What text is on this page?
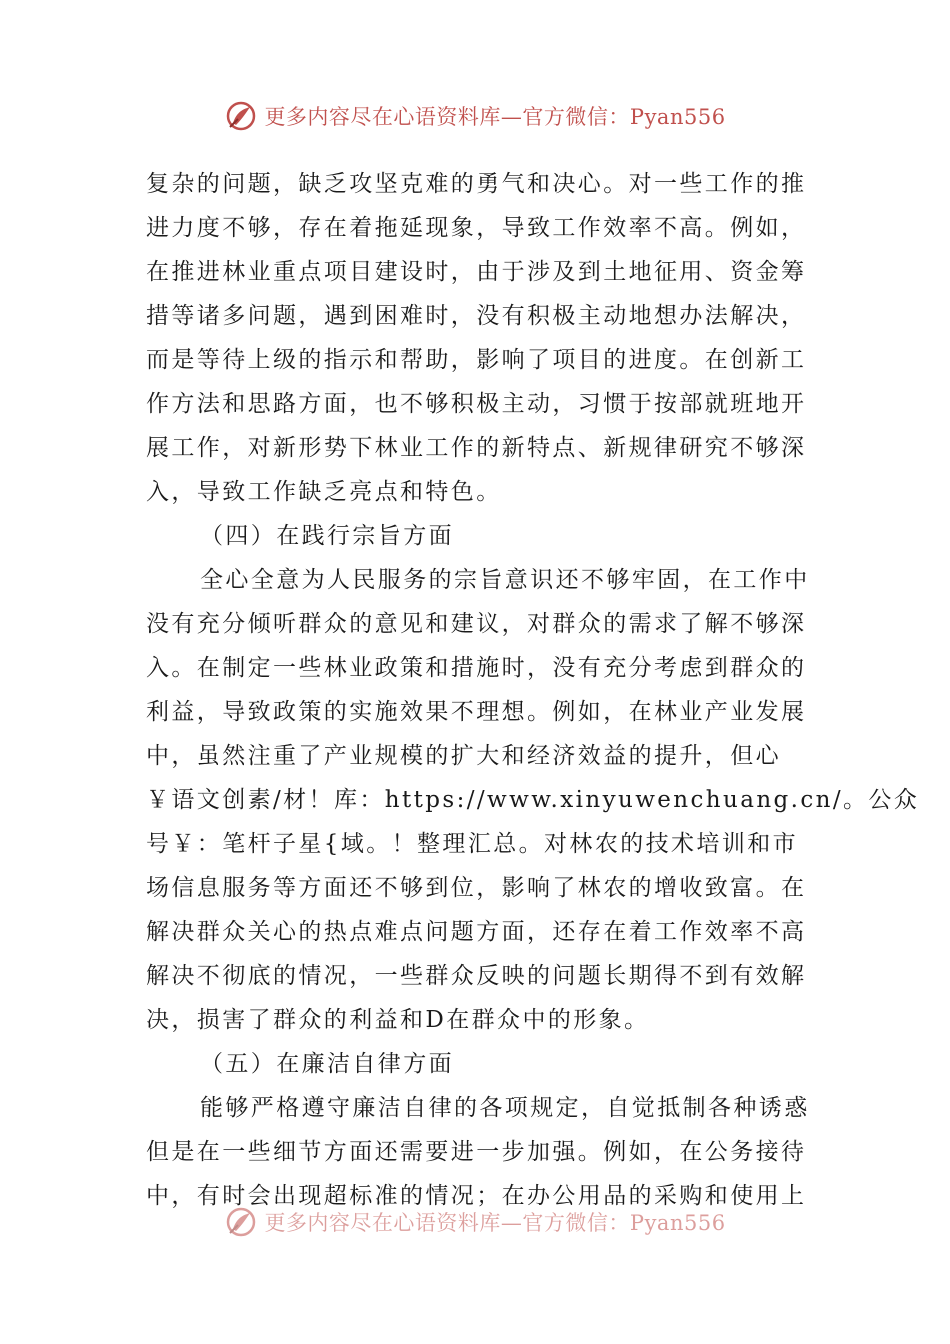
更多内容尽在心语资料库—官方微信：Pyan556
复杂的问题，缺乏攻坚克难的勇气和决心。对一些工作的推
进力度不够，存在着拖延现象，导致工作效率不高。例如，
在推进林业重点项目建设时，由于涉及到土地征用、资金筹
措等诸多问题，遇到困难时，没有积极主动地想办法解决，
而是等待上级的指示和帮助，影响了项目的进度。在创新工
作方法和思路方面，也不够积极主动，习惯于按部就班地开
展工作，对新形势下林业工作的新特点、新规律研究不够深
入，导致工作缺乏亮点和特色。
（四）在践行宗旨方面
全心全意为人民服务的宗旨意识还不够牢固，在工作中
没有充分倾听群众的意见和建议，对群众的需求了解不够深
入。在制定一些林业政策和措施时，没有充分考虑到群众的
利益，导致政策的实施效果不理想。例如，在林业产业发展
中，虽然注重了产业规模的扩大和经济效益的提升，但心
￥语文创素/材！库：https://www.xinyuwenchuang.cn/。公众
号￥：笔杆子星{域。！整理汇总。对林农的技术培训和市
场信息服务等方面还不够到位，影响了林农的增收致富。在
解决群众关心的热点难点问题方面，还存在着工作效率不高
解决不彻底的情况，一些群众反映的问题长期得不到有效解
决，损害了群众的利益和D在群众中的形象。
（五）在廉洁自律方面
能够严格遵守廉洁自律的各项规定，自觉抵制各种诱惑
但是在一些细节方面还需要进一步加强。例如，在公务接待
中，有时会出现超标准的情况；在办公用品的采购和使用上
更多内容尽在心语资料库—官方微信：Pyan556
